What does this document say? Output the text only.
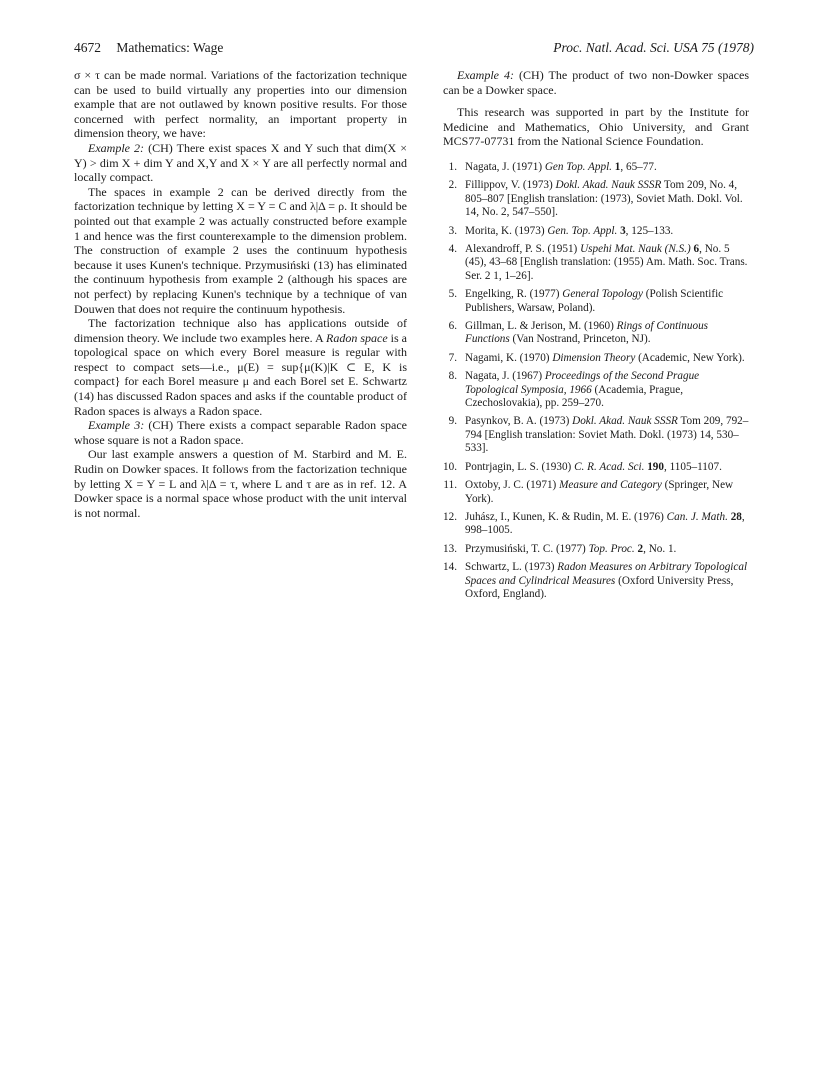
4672 Mathematics: Wage	Proc. Natl. Acad. Sci. USA 75 (1978)

σ × τ can be made normal. Variations of the factorization technique can be used to build virtually any properties into our dimension example that are not outlawed by known positive results. For those concerned with perfect normality, an important property in dimension theory, we have:

Example 2: (CH) There exist spaces X and Y such that dim(X × Y) > dim X + dim Y and X,Y and X × Y are all perfectly normal and locally compact.

The spaces in example 2 can be derived directly from the factorization technique by letting X = Y = C and λ|Δ = ρ. It should be pointed out that example 2 was actually constructed before example 1 and hence was the first counterexample to the dimension problem. The construction of example 2 uses the continuum hypothesis because it uses Kunen's technique. Przymusiński (13) has eliminated the continuum hypothesis from example 2 (although his spaces are not perfect) by replacing Kunen's technique by a technique of van Douwen that does not require the continuum hypothesis.

The factorization technique also has applications outside of dimension theory. We include two examples here. A Radon space is a topological space on which every Borel measure is regular with respect to compact sets—i.e., μ(E) = sup{μ(K)|K ⊂ E, K is compact} for each Borel measure μ and each Borel set E. Schwartz (14) has discussed Radon spaces and asks if the countable product of Radon spaces is always a Radon space.

Example 3: (CH) There exists a compact separable Radon space whose square is not a Radon space.

Our last example answers a question of M. Starbird and M. E. Rudin on Dowker spaces. It follows from the factorization technique by letting X = Y = L and λ|Δ = τ, where L and τ are as in ref. 12. A Dowker space is a normal space whose product with the unit interval is not normal.

Example 4: (CH) The product of two non-Dowker spaces can be a Dowker space.

This research was supported in part by the Institute for Medicine and Mathematics, Ohio University, and Grant MCS77-07731 from the National Science Foundation.

1 . Nagata, J. (1971) Gen Top. Appl. 1, 65–77.
2 . Fillippov, V. (1973) Dokl. Akad. Nauk SSSR Tom 209, No. 4, 805–807 [English translation: (1973), Soviet Math. Dokl. Vol. 14, No. 2, 547–550].
3 . Morita, K. (1973) Gen. Top. Appl. 3, 125–133.
4 . Alexandroff, P. S. (1951) Uspehi Mat. Nauk (N.S.) 6, No. 5 (45), 43–68 [English translation: (1955) Am. Math. Soc. Trans. Ser. 2 1, 1–26].
5 . Engelking, R. (1977) General Topology (Polish Scientific Publishers, Warsaw, Poland).
6 . Gillman, L. & Jerison, M. (1960) Rings of Continuous Functions (Van Nostrand, Princeton, NJ).
7 . Nagami, K. (1970) Dimension Theory (Academic, New York).
8 . Nagata, J. (1967) Proceedings of the Second Prague Topological Symposia, 1966 (Academia, Prague, Czechoslovakia), pp. 259–270.
9 . Pasynkov, B. A. (1973) Dokl. Akad. Nauk SSSR Tom 209, 792–794 [English translation: Soviet Math. Dokl. (1973) 14, 530–533].
10 . Pontrjagin, L. S. (1930) C. R. Acad. Sci. 190, 1105–1107.
11 . Oxtoby, J. C. (1971) Measure and Category (Springer, New York).
12 . Juhász, I., Kunen, K. & Rudin, M. E. (1976) Can. J. Math. 28, 998–1005.
13 . Przymusiński, T. C. (1977) Top. Proc. 2, No. 1.
14 . Schwartz, L. (1973) Radon Measures on Arbitrary Topological Spaces and Cylindrical Measures (Oxford University Press, Oxford, England).
